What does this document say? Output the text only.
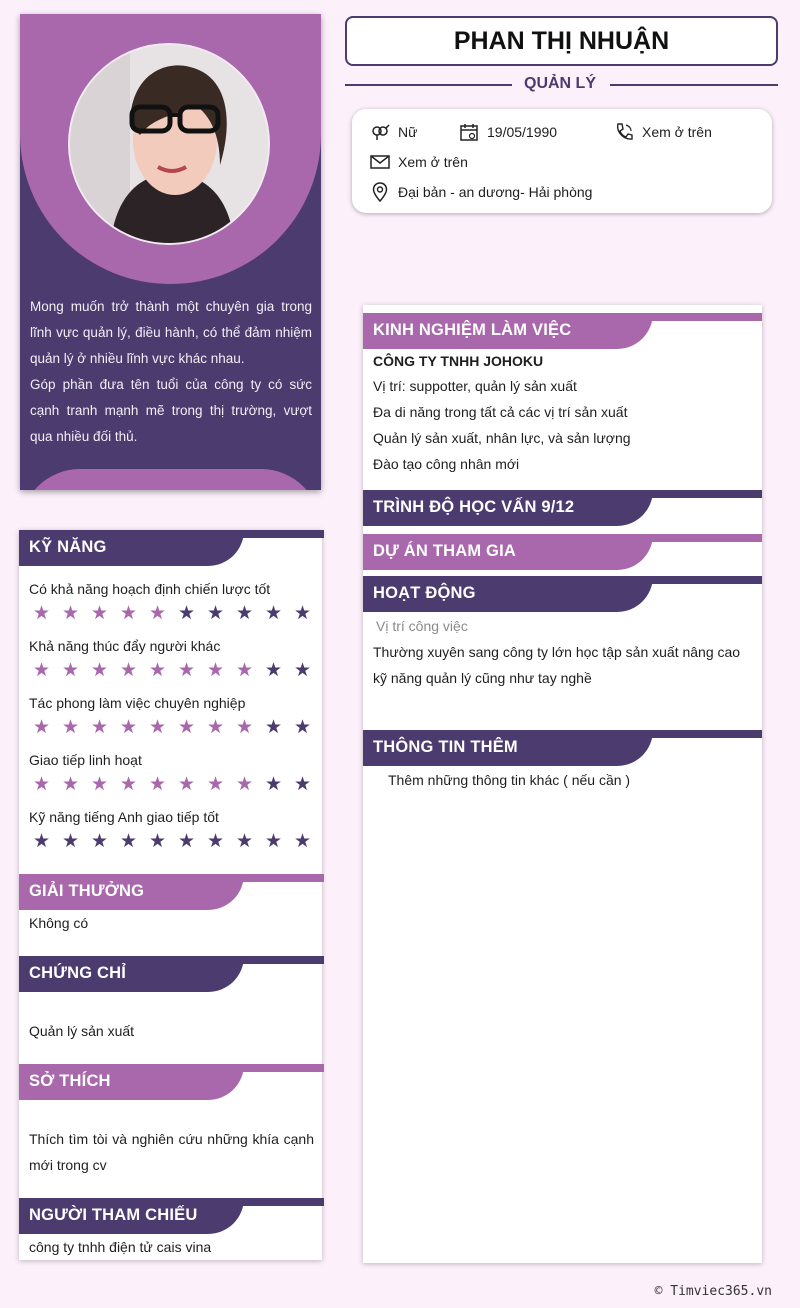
Mong muốn trở thành một chuyên gia trong lĩnh vực quản lý, điều hành, có thể đảm nhiệm quản lý ở nhiều lĩnh vực khác nhau.
Góp phần đưa tên tuổi của công ty có sức cạnh tranh mạnh mẽ trong thị trường, vượt qua nhiều đối thủ.
PHAN THỊ NHUẬN
QUẢN LÝ
Nữ	19/05/1990	Xem ở trên
Xem ở trên
Đại bản - an dương- Hải phòng
KỸ NĂNG
Có khả năng hoạch định chiến lược tốt
★ ★ ★ ★ ★ ★ ★ ★ ★ ★
Khả năng thúc đẩy người khác
★ ★ ★ ★ ★ ★ ★ ★ ★ ★
Tác phong làm việc chuyên nghiệp
★ ★ ★ ★ ★ ★ ★ ★ ★ ★
Giao tiếp linh hoạt
★ ★ ★ ★ ★ ★ ★ ★ ★ ★
Kỹ năng tiếng Anh giao tiếp tốt
★ ★ ★ ★ ★ ★ ★ ★ ★ ★
GIẢI THƯỞNG
Không có
CHỨNG CHỈ
Quản lý sản xuất
SỞ THÍCH
Thích tìm tòi và nghiên cứu những khía cạnh mới trong cv
NGƯỜI THAM CHIẾU
công ty tnhh điện tử cais vina
KINH NGHIỆM LÀM VIỆC
CÔNG TY TNHH JOHOKU
Vị trí: suppotter, quản lý sản xuất
Đa di năng trong tất cả các vị trí sản xuất
Quản lý sản xuất, nhân lực, và sản lượng
Đào tạo công nhân mới
TRÌNH ĐỘ HỌC VẤN 9/12
DỰ ÁN THAM GIA
HOẠT ĐỘNG
Vị trí công việc
Thường xuyên sang công ty lớn học tập sản xuất nâng cao kỹ năng quản lý cũng như tay nghề
THÔNG TIN THÊM
Thêm những thông tin khác ( nếu cần )
© Timviec365.vn
